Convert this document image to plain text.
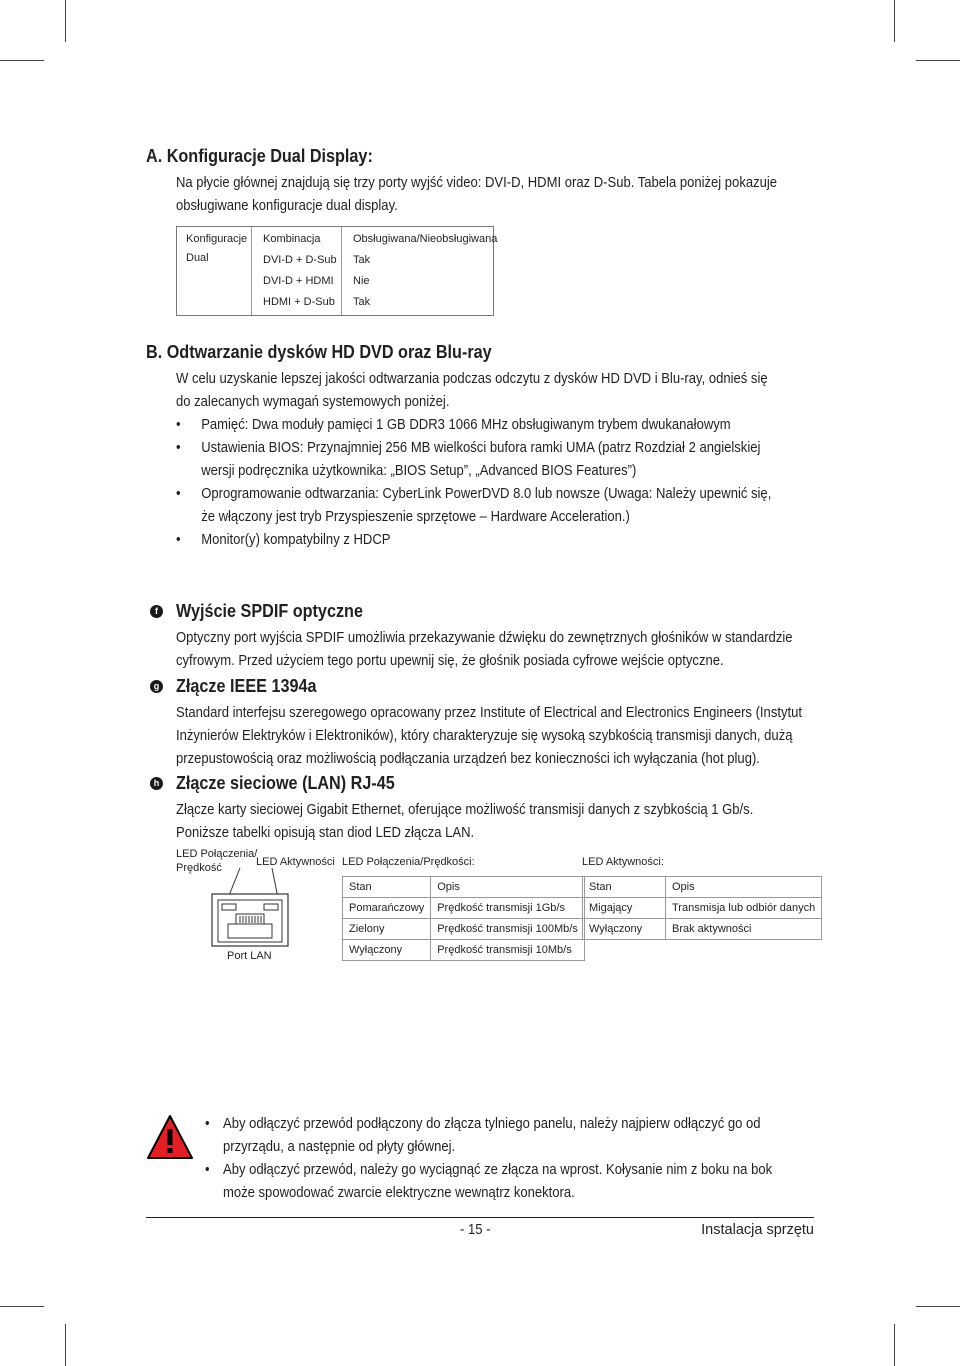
A. Konfiguracje Dual Display:
Na płycie głównej znajdują się trzy porty wyjść video: DVI-D, HDMI oraz D-Sub. Tabela poniżej pokazuje
obsługiwane konfiguracje dual display.
Konfiguracje
Dual
Kombinacja	Obsługiwana/Nieobsługiwana
DVI-D + D-Sub Tak
DVI-D + HDMI Nie
HDMI + D-Sub Tak
B. Odtwarzanie dysków HD DVD oraz Blu-ray
W celu uzyskanie lepszej jakości odtwarzania podczas odczytu z dysków HD DVD i Blu-ray, odnieś się
do zalecanych wymagań systemowych poniżej.
• Pamięć: Dwa moduły pamięci 1 GB DDR3 1066 MHz obsługiwanym trybem dwukanałowym
• Ustawienia BIOS: Przynajmniej 256 MB wielkości bufora ramki UMA (patrz Rozdział 2 angielskiej
wersji podręcznika użytkownika: „BIOS Setup”, „Advanced BIOS Features”)
• Oprogramowanie odtwarzania: CyberLink PowerDVD 8.0 lub nowsze (Uwaga: Należy upewnić się,
że włączony jest tryb Przyspieszenie sprzętowe – Hardware Acceleration.)
• Monitor(y) kompatybilny z HDCP
f Wyjście SPDIF optyczne
Optyczny port wyjścia SPDIF umożliwia przekazywanie dźwięku do zewnętrznych głośników w standardzie
cyfrowym. Przed użyciem tego portu upewnij się, że głośnik posiada cyfrowe wejście optyczne.
g Złącze IEEE 1394a
Standard interfejsu szeregowego opracowany przez Institute of Electrical and Electronics Engineers (Instytut
Inżynierów Elektryków i Elektroników), który charakteryzuje się wysoką szybkością transmisji danych, dużą
przepustowością oraz możliwością podłączania urządzeń bez konieczności ich wyłączania (hot plug).
h Złącze sieciowe (LAN) RJ-45
Złącze karty sieciowej Gigabit Ethernet, oferujące możliwość transmisji danych z szybkością 1 Gb/s.
Poniższe tabelki opisują stan diod LED złącza LAN.
LED Połączenia/
Prędkość	LED Aktywności
Port LAN
LED Połączenia/Prędkości:
Stan	Opis
Pomarańczowy	Prędkość transmisji 1Gb/s
Zielony	Prędkość transmisji 100Mb/s
Wyłączony	Prędkość transmisji 10Mb/s
LED Aktywności:
Stan	Opis
Migający	Transmisja lub odbiór danych
Wyłączony	Brak aktywności
• Aby odłączyć przewód podłączony do złącza tylniego panelu, należy najpierw odłączyć go od
przyrządu, a następnie od płyty głównej.
• Aby odłączyć przewód, należy go wyciągnąć ze złącza na wprost. Kołysanie nim z boku na bok
może spowodować zwarcie elektryczne wewnątrz konektora.
- 15 -	Instalacja sprzętu
